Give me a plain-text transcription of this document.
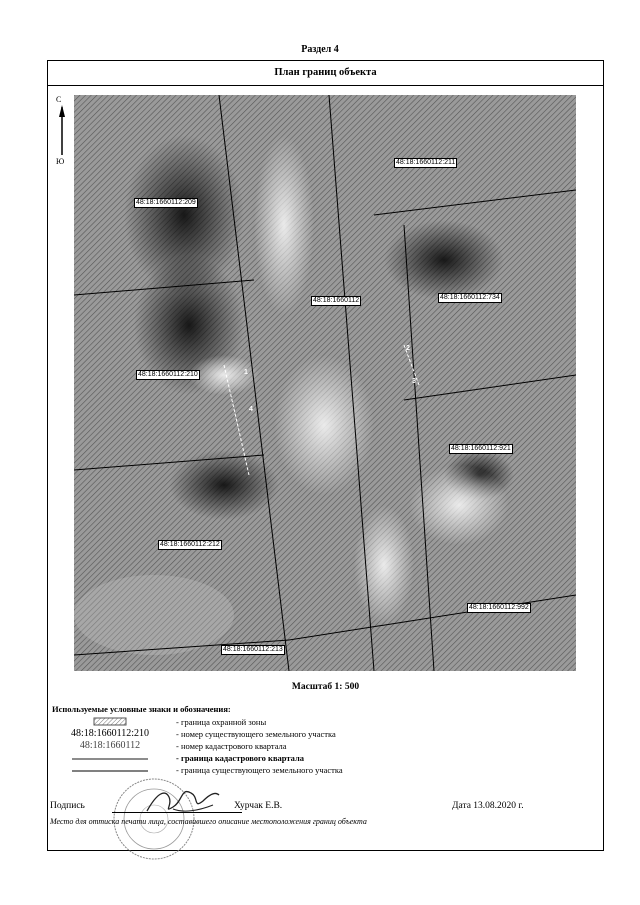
Раздел 4
План границ объекта
С
Ю	48:18:1660112:211
48:18:1660112:209
48:18:1660112	48:18:1660112:734
48:18:1660112:210
48:18:1660112:921
48:18:1660112:212
48:18:1660112:992
48:18:1660112:213
1
2
3
4
Масштаб 1: 500
Используемые условные знаки и обозначения:
- граница охранной зоны
48:18:1660112:210	- номер существующего земельного участка
48:18:1660112	- номер кадастрового квартала
- граница кадастрового квартала
- граница существующего земельного участка
Подпись	Хурчак Е.В.	Дата 13.08.2020 г.
Место для оттиска печати лица, составившего описание местоположения границ объекта
